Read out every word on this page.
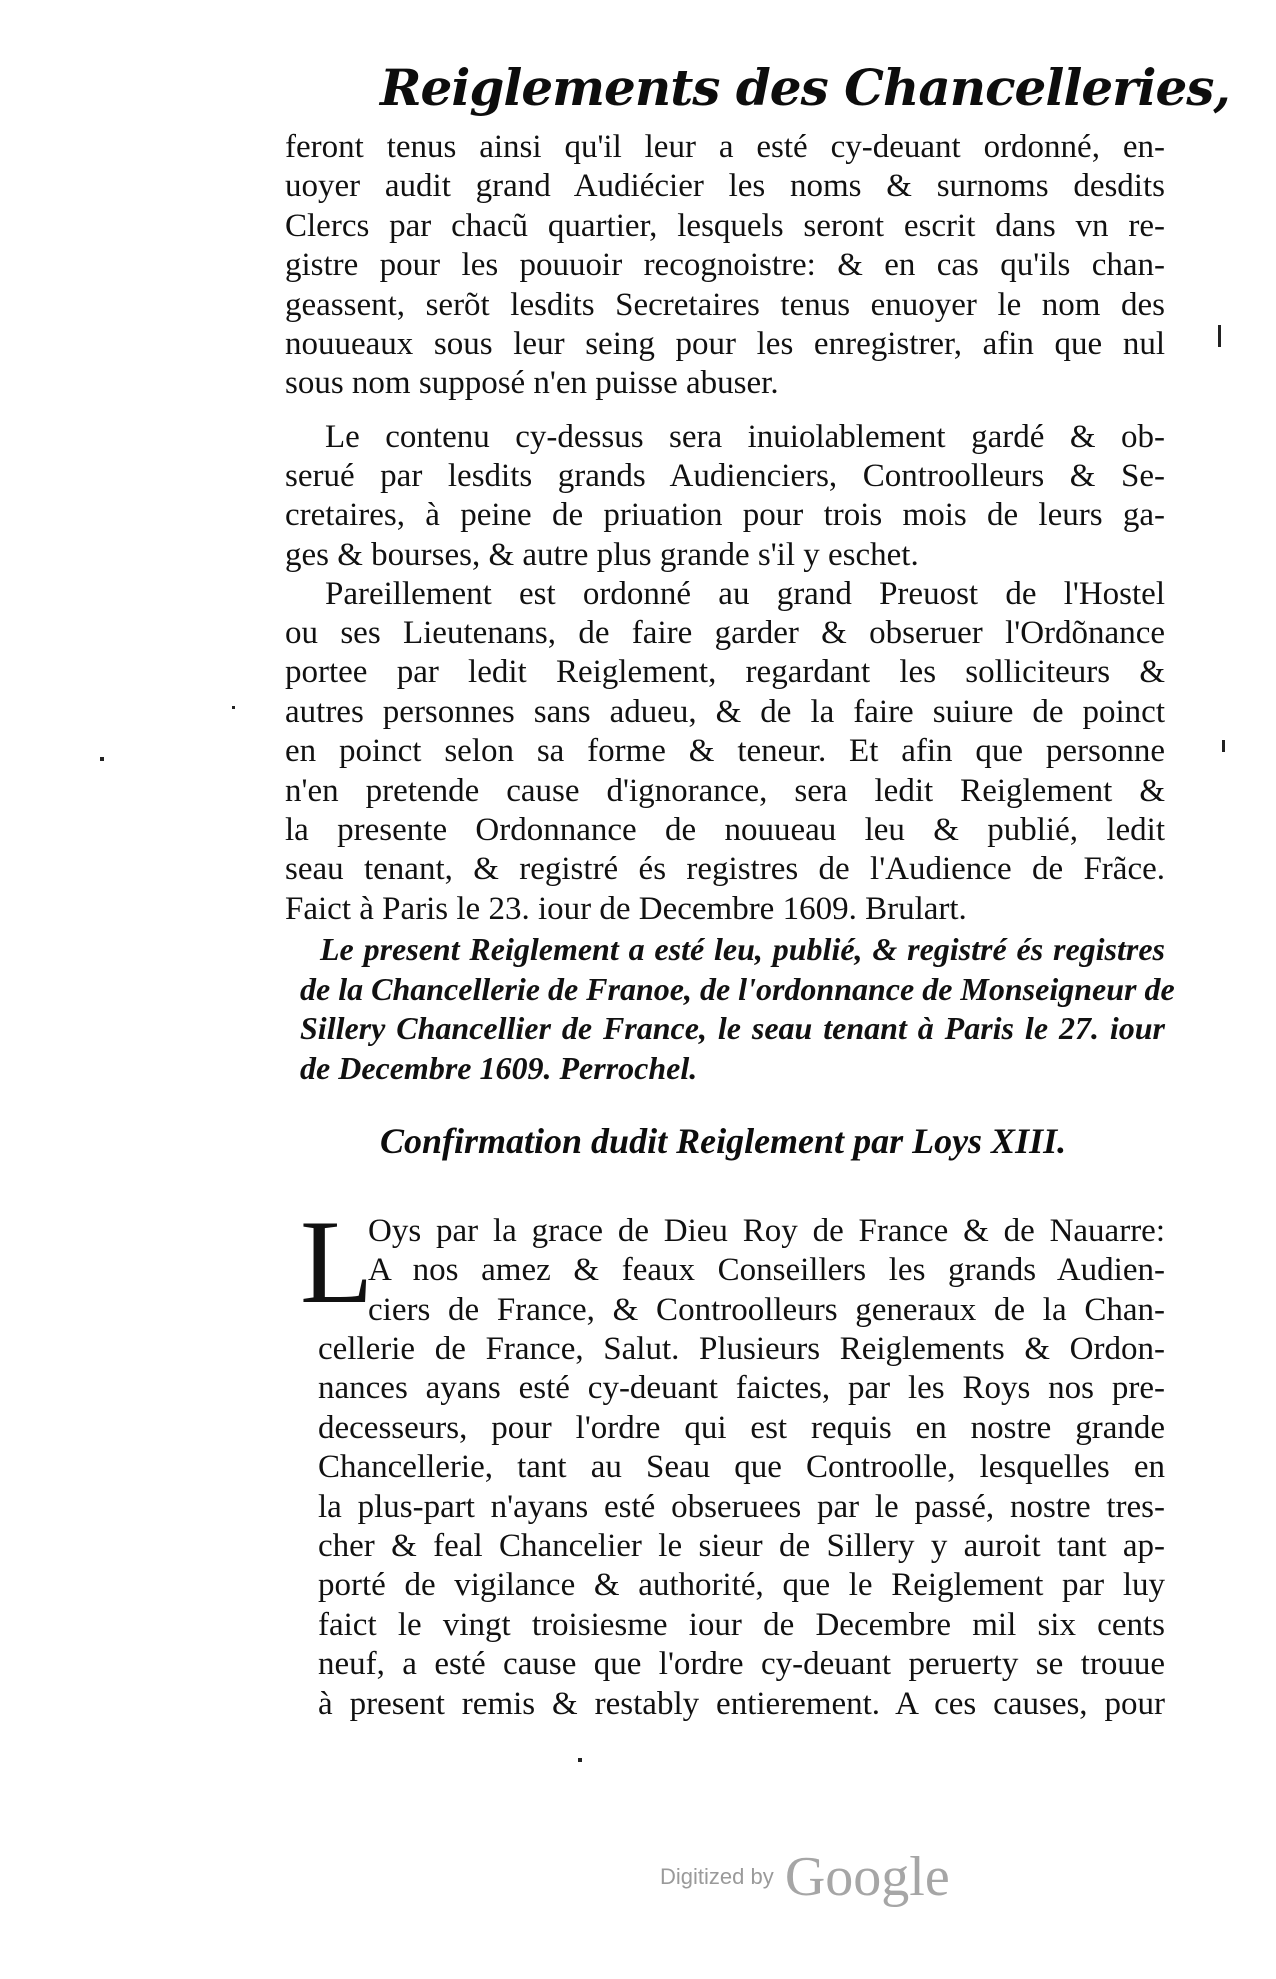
Reiglements des Chancelleries,
feront tenus ainsi qu'il leur a esté cy-deuant ordonné, en-
uoyer audit grand Audiécier les noms & surnoms desdits
Clercs par chacũ quartier, lesquels seront escrit dans vn re-
gistre pour les pouuoir recognoistre: & en cas qu'ils chan-
geassent, serõt lesdits Secretaires tenus enuoyer le nom des
nouueaux sous leur seing pour les enregistrer, afin que nul
sous nom supposé n'en puisse abuser.
Le contenu cy-dessus sera inuiolablement gardé & ob-
serué par lesdits grands Audienciers, Controolleurs & Se-
cretaires, à peine de priuation pour trois mois de leurs ga-
ges & bourses, & autre plus grande s'il y eschet.
Pareillement est ordonné au grand Preuost de l'Hostel
ou ses Lieutenans, de faire garder & obseruer l'Ordõnance
portee par ledit Reiglement, regardant les solliciteurs &
autres personnes sans adueu, & de la faire suiure de poinct
en poinct selon sa forme & teneur. Et afin que personne
n'en pretende cause d'ignorance, sera ledit Reiglement &
la presente Ordonnance de nouueau leu & publié, ledit
seau tenant, & registré és registres de l'Audience de Frãce.
Faict à Paris le 23. iour de Decembre 1609. Brulart.
Le present Reiglement a esté leu, publié, & registré és registres
de la Chancellerie de Franoe, de l'ordonnance de Monseigneur de
Sillery Chancellier de France, le seau tenant à Paris le 27. iour
de Decembre 1609. Perrochel.
Confirmation dudit Reiglement par Loys XIII.
L
Oys par la grace de Dieu Roy de France & de Nauarre:
A nos amez & feaux Conseillers les grands Audien-
ciers de France, & Controolleurs generaux de la Chan-
cellerie de France, Salut. Plusieurs Reiglements & Ordon-
nances ayans esté cy-deuant faictes, par les Roys nos pre-
decesseurs, pour l'ordre qui est requis en nostre grande
Chancellerie, tant au Seau que Controolle, lesquelles en
la plus-part n'ayans esté obseruees par le passé, nostre tres-
cher & feal Chancelier le sieur de Sillery y auroit tant ap-
porté de vigilance & authorité, que le Reiglement par luy
faict le vingt troisiesme iour de Decembre mil six cents
neuf, a esté cause que l'ordre cy-deuant peruerty se trouue
à present remis & restably entierement. A ces causes, pour
Digitized by Google
